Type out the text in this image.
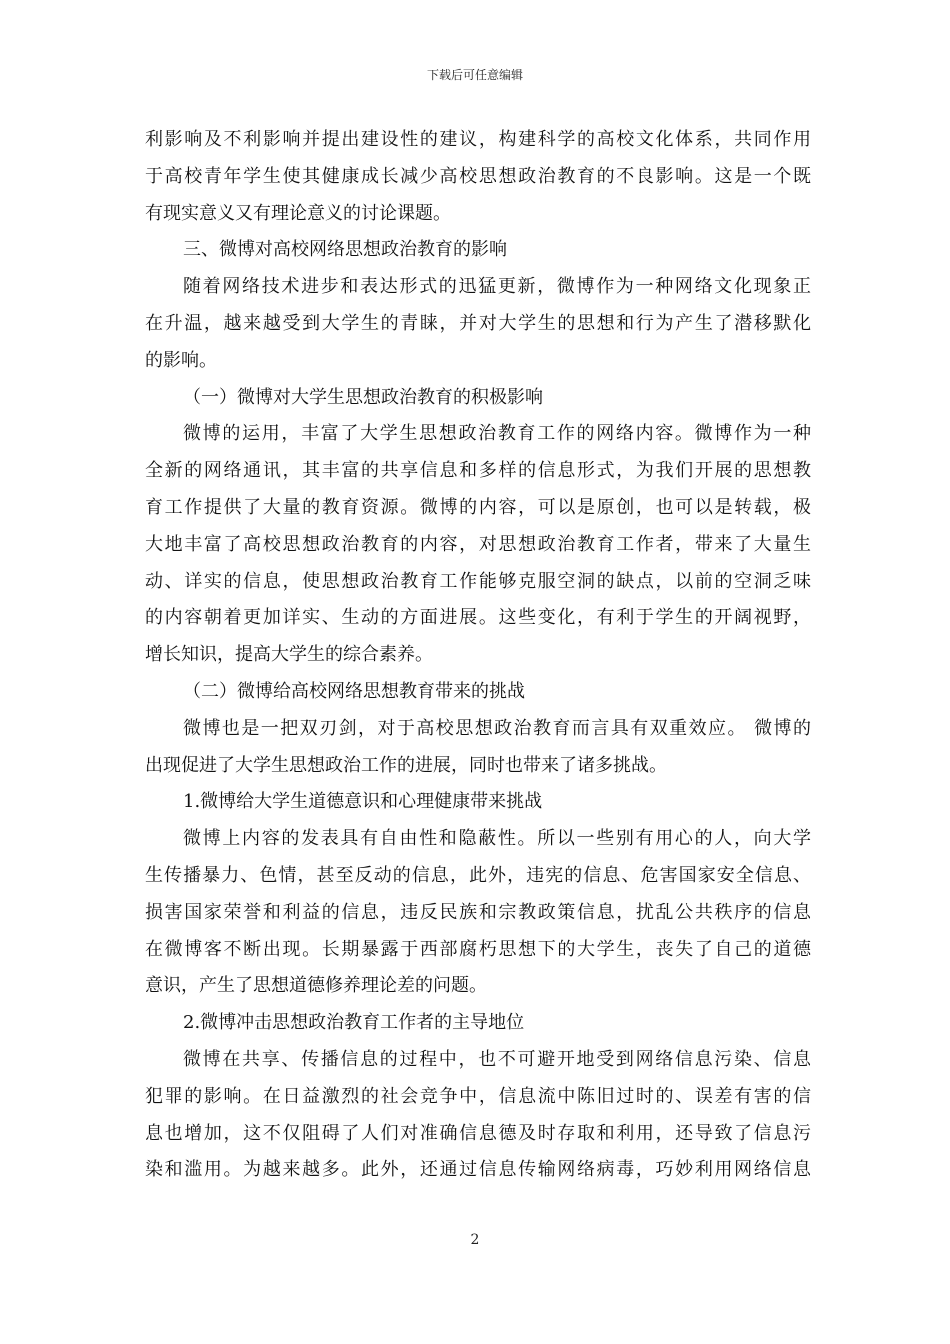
下载后可任意编辑
利影响及不利影响并提出建设性的建议，构建科学的高校文化体系，共同作用
于高校青年学生使其健康成长减少高校思想政治教育的不良影响。这是一个既
有现实意义又有理论意义的讨论课题。
三、微博对高校网络思想政治教育的影响
随着网络技术进步和表达形式的迅猛更新，微博作为一种网络文化现象正
在升温，越来越受到大学生的青睐，并对大学生的思想和行为产生了潜移默化
的影响。
（一）微博对大学生思想政治教育的积极影响
微博的运用，丰富了大学生思想政治教育工作的网络内容。微博作为一种
全新的网络通讯，其丰富的共享信息和多样的信息形式，为我们开展的思想教
育工作提供了大量的教育资源。微博的内容，可以是原创，也可以是转载，极
大地丰富了高校思想政治教育的内容，对思想政治教育工作者，带来了大量生
动、详实的信息，使思想政治教育工作能够克服空洞的缺点，以前的空洞乏味
的内容朝着更加详实、生动的方面进展。这些变化，有利于学生的开阔视野，
增长知识，提高大学生的综合素养。
（二）微博给高校网络思想教育带来的挑战
微博也是一把双刃剑，对于高校思想政治教育而言具有双重效应。 微博的
出现促进了大学生思想政治工作的进展，同时也带来了诸多挑战。
1.微博给大学生道德意识和心理健康带来挑战
微博上内容的发表具有自由性和隐蔽性。所以一些别有用心的人，向大学
生传播暴力、色情，甚至反动的信息，此外，违宪的信息、危害国家安全信息、
损害国家荣誉和利益的信息，违反民族和宗教政策信息，扰乱公共秩序的信息
在微博客不断出现。长期暴露于西部腐朽思想下的大学生，丧失了自己的道德
意识，产生了思想道德修养理论差的问题。
2.微博冲击思想政治教育工作者的主导地位
微博在共享、传播信息的过程中，也不可避开地受到网络信息污染、信息
犯罪的影响。在日益激烈的社会竞争中，信息流中陈旧过时的、误差有害的信
息也增加，这不仅阻碍了人们对准确信息德及时存取和利用，还导致了信息污
染和滥用。为越来越多。此外，还通过信息传输网络病毒，巧妙利用网络信息
2
